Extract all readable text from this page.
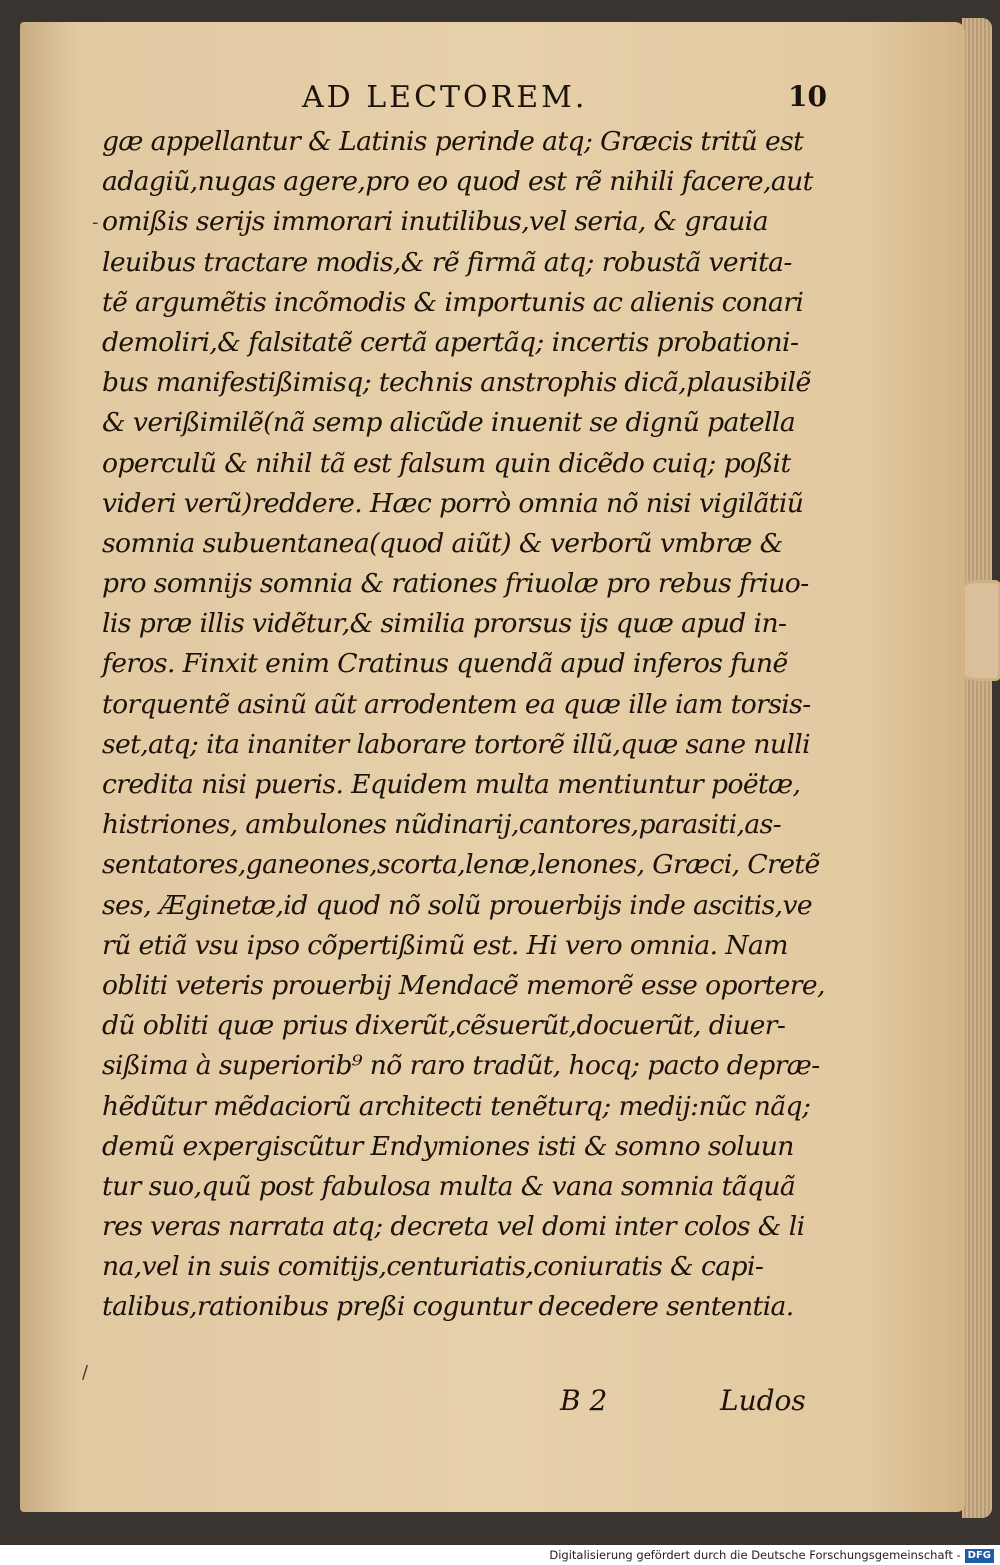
AD LECTOREM.	10
gæ appellantur & Latinis perinde atq; Græcis tritũ est
adagiũ,nugas agere,pro eo quod est rẽ nihili facere,aut
omißis serijs immorari inutilibus,vel seria, & grauia
leuibus tractare modis,& rẽ firmã atq; robustã verita-
tẽ argumẽtis incõmodis & importunis ac alienis conari
demoliri,& falsitatẽ certã apertãq; incertis probationi-
bus manifestißimisq; technis anstrophis dicã,plausibilẽ
& verißimilẽ(nã semp alicũde inuenit se dignũ patella
operculũ & nihil tã est falsum quin dicẽdo cuiq; poßit
videri verũ)reddere. Hæc porrò omnia nõ nisi vigilãtiũ
somnia subuentanea(quod aiũt) & verborũ vmbræ &
pro somnijs somnia & rationes friuolæ pro rebus friuo-
lis præ illis vidẽtur,& similia prorsus ijs quæ apud in-
feros. Finxit enim Cratinus quendã apud inferos funẽ
torquentẽ asinũ aũt arrodentem ea quæ ille iam torsis-
set,atq; ita inaniter laborare tortorẽ illũ,quæ sane nulli
credita nisi pueris. Equidem multa mentiuntur poëtæ,
histriones, ambulones nũdinarij,cantores,parasiti,as-
sentatores,ganeones,scorta,lenæ,lenones, Græci, Cretẽ
ses, Æginetæ,id quod nõ solũ prouerbijs inde ascitis,ve
rũ etiã vsu ipso cõpertißimũ est. Hi vero omnia. Nam
obliti veteris prouerbij Mendacẽ memorẽ esse oportere,
dũ obliti quæ prius dixerũt,cẽsuerũt,docuerũt, diuer-
sißima à superiorib⁹ nõ raro tradũt, hocq; pacto depræ-
hẽdũtur mẽdaciorũ architecti tenẽturq; medij:nũc nãq;
demũ expergiscũtur Endymiones isti & somno soluun
tur suo,quũ post fabulosa multa & vana somnia tãquã
res veras narrata atq; decreta vel domi inter colos & li
na,vel in suis comitijs,centuriatis,coniuratis & capi-
talibus,rationibus preßi coguntur decedere sententia.
B 2	Ludos
-
/
Digitalisierung gefördert durch die Deutsche Forschungsgemeinschaft - DFG
